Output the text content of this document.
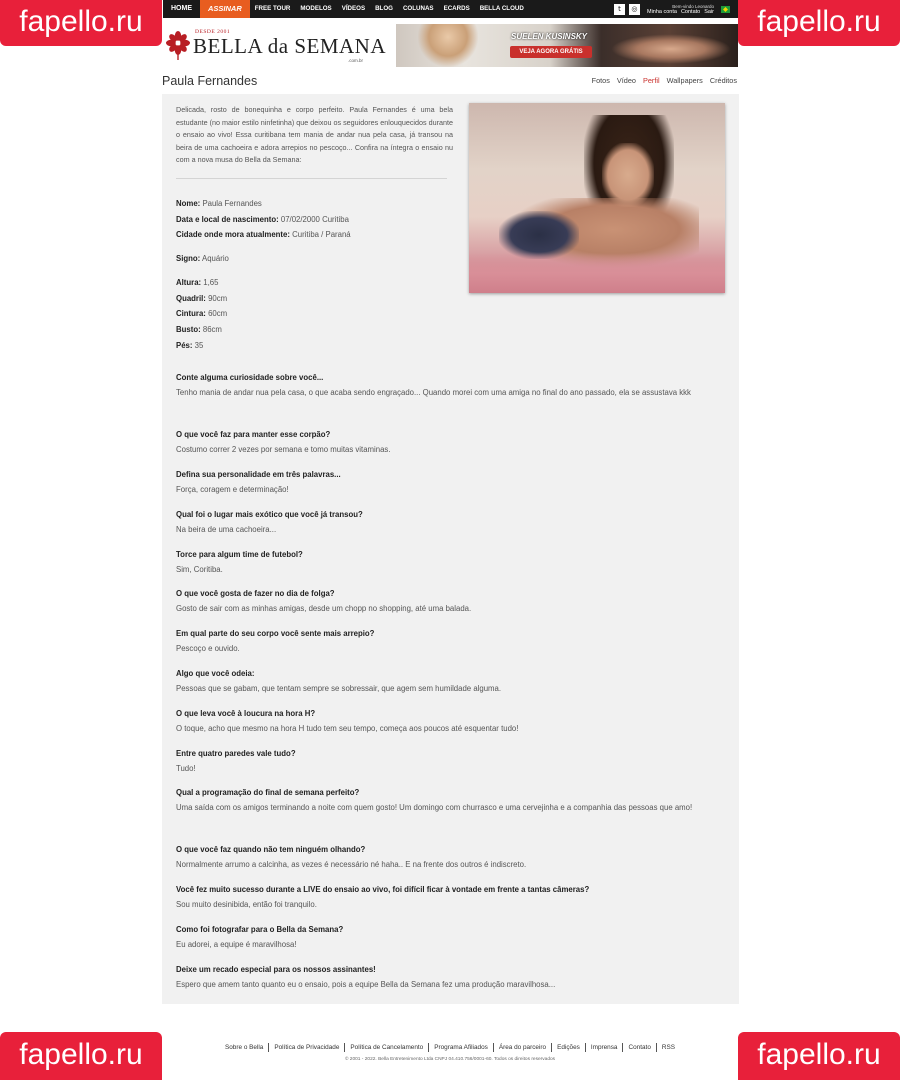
fapello.ru	fapello.ru
fapello.ru	fapello.ru
HOME	ASSINAR	FREE TOUR	MODELOS	VÍDEOS	BLOG	COLUNAS	ECARDS	BELLA CLOUD	t	◎	Bem-vindo Leonardo
Minha conta Contato Sair
DESDE 2001
BELLA da SEMANA
.com.br
SUELEN KUSINSKY
VEJA AGORA GRÁTIS
Paula Fernandes	Fotos Vídeo Perfil Wallpapers Créditos

Delicada, rosto de bonequinha e corpo perfeito. Paula Fernandes é uma bela estudante (no maior estilo ninfetinha) que deixou os seguidores enlouquecidos durante o ensaio ao vivo! Essa curitibana tem mania de andar nua pela casa, já transou na beira de uma cachoeira e adora arrepios no pescoço... Confira na íntegra o ensaio nu com a nova musa do Bella da Semana:

Nome: Paula Fernandes
Data e local de nascimento: 07/02/2000 Curitiba
Cidade onde mora atualmente: Curitiba / Paraná
Signo: Aquário
Altura: 1,65
Quadril: 90cm
Cintura: 60cm
Busto: 86cm
Pés: 35
Conte alguma curiosidade sobre você...
Tenho mania de andar nua pela casa, o que acaba sendo engraçado... Quando morei com uma amiga no final do ano passado, ela se assustava kkk
O que você faz para manter esse corpão?
Costumo correr 2 vezes por semana e tomo muitas vitaminas.
Defina sua personalidade em três palavras...
Força, coragem e determinação!
Qual foi o lugar mais exótico que você já transou?
Na beira de uma cachoeira...
Torce para algum time de futebol?
Sim, Coritiba.
O que você gosta de fazer no dia de folga?
Gosto de sair com as minhas amigas, desde um chopp no shopping, até uma balada.
Em qual parte do seu corpo você sente mais arrepio?
Pescoço e ouvido.
Algo que você odeia:
Pessoas que se gabam, que tentam sempre se sobressair, que agem sem humildade alguma.
O que leva você à loucura na hora H?
O toque, acho que mesmo na hora H tudo tem seu tempo, começa aos poucos até esquentar tudo!
Entre quatro paredes vale tudo?
Tudo!
Qual a programação do final de semana perfeito?
Uma saída com os amigos terminando a noite com quem gosto! Um domingo com churrasco e uma cervejinha e a companhia das pessoas que amo!
O que você faz quando não tem ninguém olhando?
Normalmente arrumo a calcinha, as vezes é necessário né haha.. E na frente dos outros é indiscreto.
Você fez muito sucesso durante a LIVE do ensaio ao vivo, foi difícil ficar à vontade em frente a tantas câmeras?
Sou muito desinibida, então foi tranquilo.
Como foi fotografar para o Bella da Semana?
Eu adorei, a equipe é maravilhosa!
Deixe um recado especial para os nossos assinantes!
Espero que amem tanto quanto eu o ensaio, pois a equipe Bella da Semana fez uma produção maravilhosa...
Sobre o Bella	Política de Privacidade	Política de Cancelamento	Programa Afiliados	Área do parceiro	Edições	Imprensa	Contato	RSS
© 2001 - 2022. Bella Entretenimento Ltda CNPJ 04.410.756/0001-60. Todos os direitos reservados
